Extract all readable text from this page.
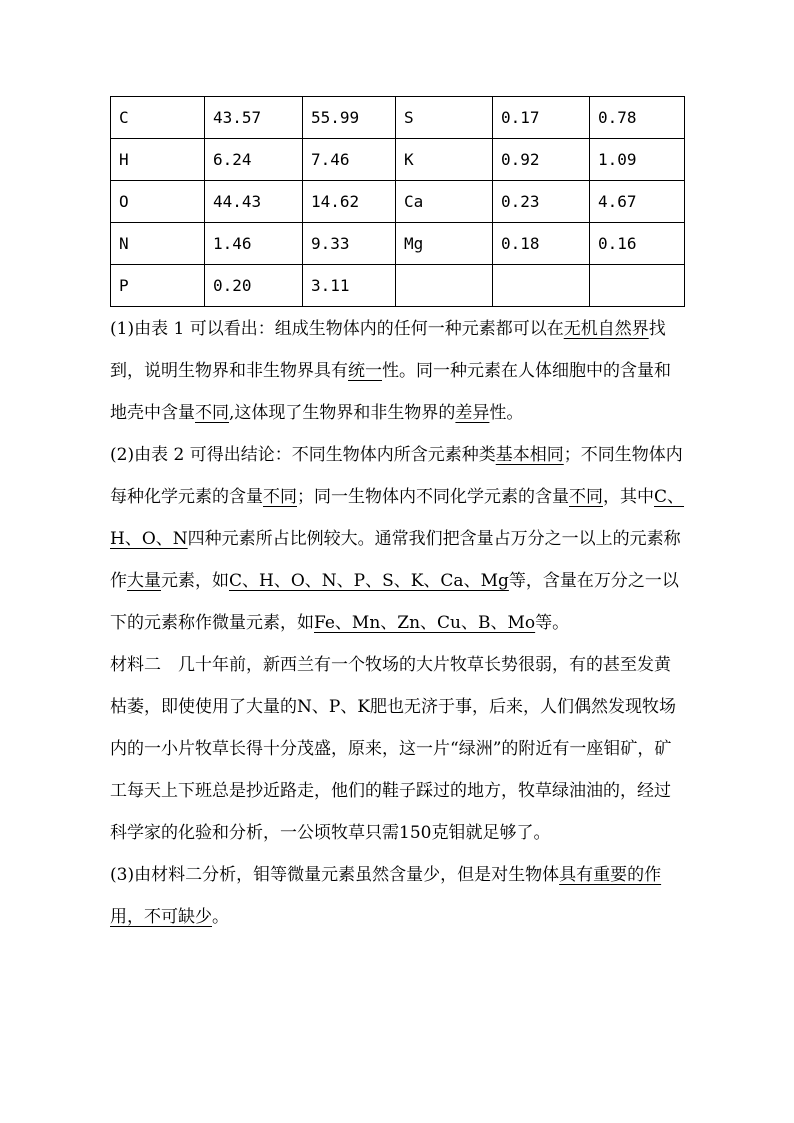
C	43.57	55.99	S	0.17	0.78
H	6.24	7.46	K	0.92	1.09
O	44.43	14.62	Ca	0.23	4.67
N	1.46	9.33	Mg	0.18	0.16
P	0.20	3.11			

(1)由表 1 可以看出：组成生物体内的任何一种元素都可以在无机自然界找到，说明生物界和非生物界具有统一性。同一种元素在人体细胞中的含量和地壳中含量不同,这体现了生物界和非生物界的差异性。

(2)由表 2 可得出结论：不同生物体内所含元素种类基本相同；不同生物体内每种化学元素的含量不同；同一生物体内不同化学元素的含量不同，其中C、H、O、N四种元素所占比例较大。通常我们把含量占万分之一以上的元素称作大量元素，如C、H、O、N、P、S、K、Ca、Mg等，含量在万分之一以下的元素称作微量元素，如Fe、Mn、Zn、Cu、B、Mo等。

材料二　几十年前，新西兰有一个牧场的大片牧草长势很弱，有的甚至发黄枯萎，即使使用了大量的N、P、K肥也无济于事，后来，人们偶然发现牧场内的一小片牧草长得十分茂盛，原来，这一片“绿洲”的附近有一座钼矿，矿工每天上下班总是抄近路走，他们的鞋子踩过的地方，牧草绿油油的，经过科学家的化验和分析，一公顷牧草只需150克钼就足够了。

(3)由材料二分析，钼等微量元素虽然含量少，但是对生物体具有重要的作用，不可缺少。
